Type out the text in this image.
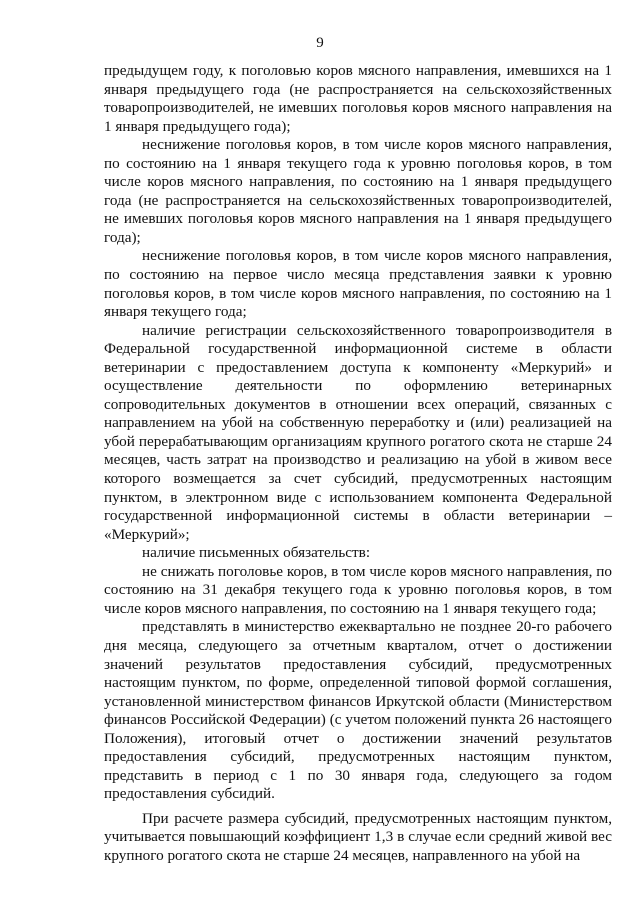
9

предыдущем году, к поголовью коров мясного направления, имевшихся на 1 января предыдущего года (не распространяется на сельскохозяйственных товаропроизводителей, не имевших поголовья коров мясного направления на 1 января предыдущего года);

неснижение поголовья коров, в том числе коров мясного направления, по состоянию на 1 января текущего года к уровню поголовья коров, в том числе коров мясного направления, по состоянию на 1 января предыдущего года (не распространяется на сельскохозяйственных товаропроизводителей, не имевших поголовья коров мясного направления на 1 января предыдущего года);

неснижение поголовья коров, в том числе коров мясного направления, по состоянию на первое число месяца представления заявки к уровню поголовья коров, в том числе коров мясного направления, по состоянию на 1 января текущего года;

наличие регистрации сельскохозяйственного товаропроизводителя в Федеральной государственной информационной системе в области ветеринарии с предоставлением доступа к компоненту «Меркурий» и осуществление деятельности по оформлению ветеринарных сопроводительных документов в отношении всех операций, связанных с направлением на убой на собственную переработку и (или) реализацией на убой перерабатывающим организациям крупного рогатого скота не старше 24 месяцев, часть затрат на производство и реализацию на убой в живом весе которого возмещается за счет субсидий, предусмотренных настоящим пунктом, в электронном виде с использованием компонента Федеральной государственной информационной системы в области ветеринарии – «Меркурий»;

наличие письменных обязательств:

не снижать поголовье коров, в том числе коров мясного направления, по состоянию на 31 декабря текущего года к уровню поголовья коров, в том числе коров мясного направления, по состоянию на 1 января текущего года;

представлять в министерство ежеквартально не позднее 20-го рабочего дня месяца, следующего за отчетным кварталом, отчет о достижении значений результатов предоставления субсидий, предусмотренных настоящим пунктом, по форме, определенной типовой формой соглашения, установленной министерством финансов Иркутской области (Министерством финансов Российской Федерации) (с учетом положений пункта 26 настоящего Положения), итоговый отчет о достижении значений результатов предоставления субсидий, предусмотренных настоящим пунктом, представить в период с 1 по 30 января года, следующего за годом предоставления субсидий.

При расчете размера субсидий, предусмотренных настоящим пунктом, учитывается повышающий коэффициент 1,3 в случае если средний живой вес крупного рогатого скота не старше 24 месяцев, направленного на убой на
